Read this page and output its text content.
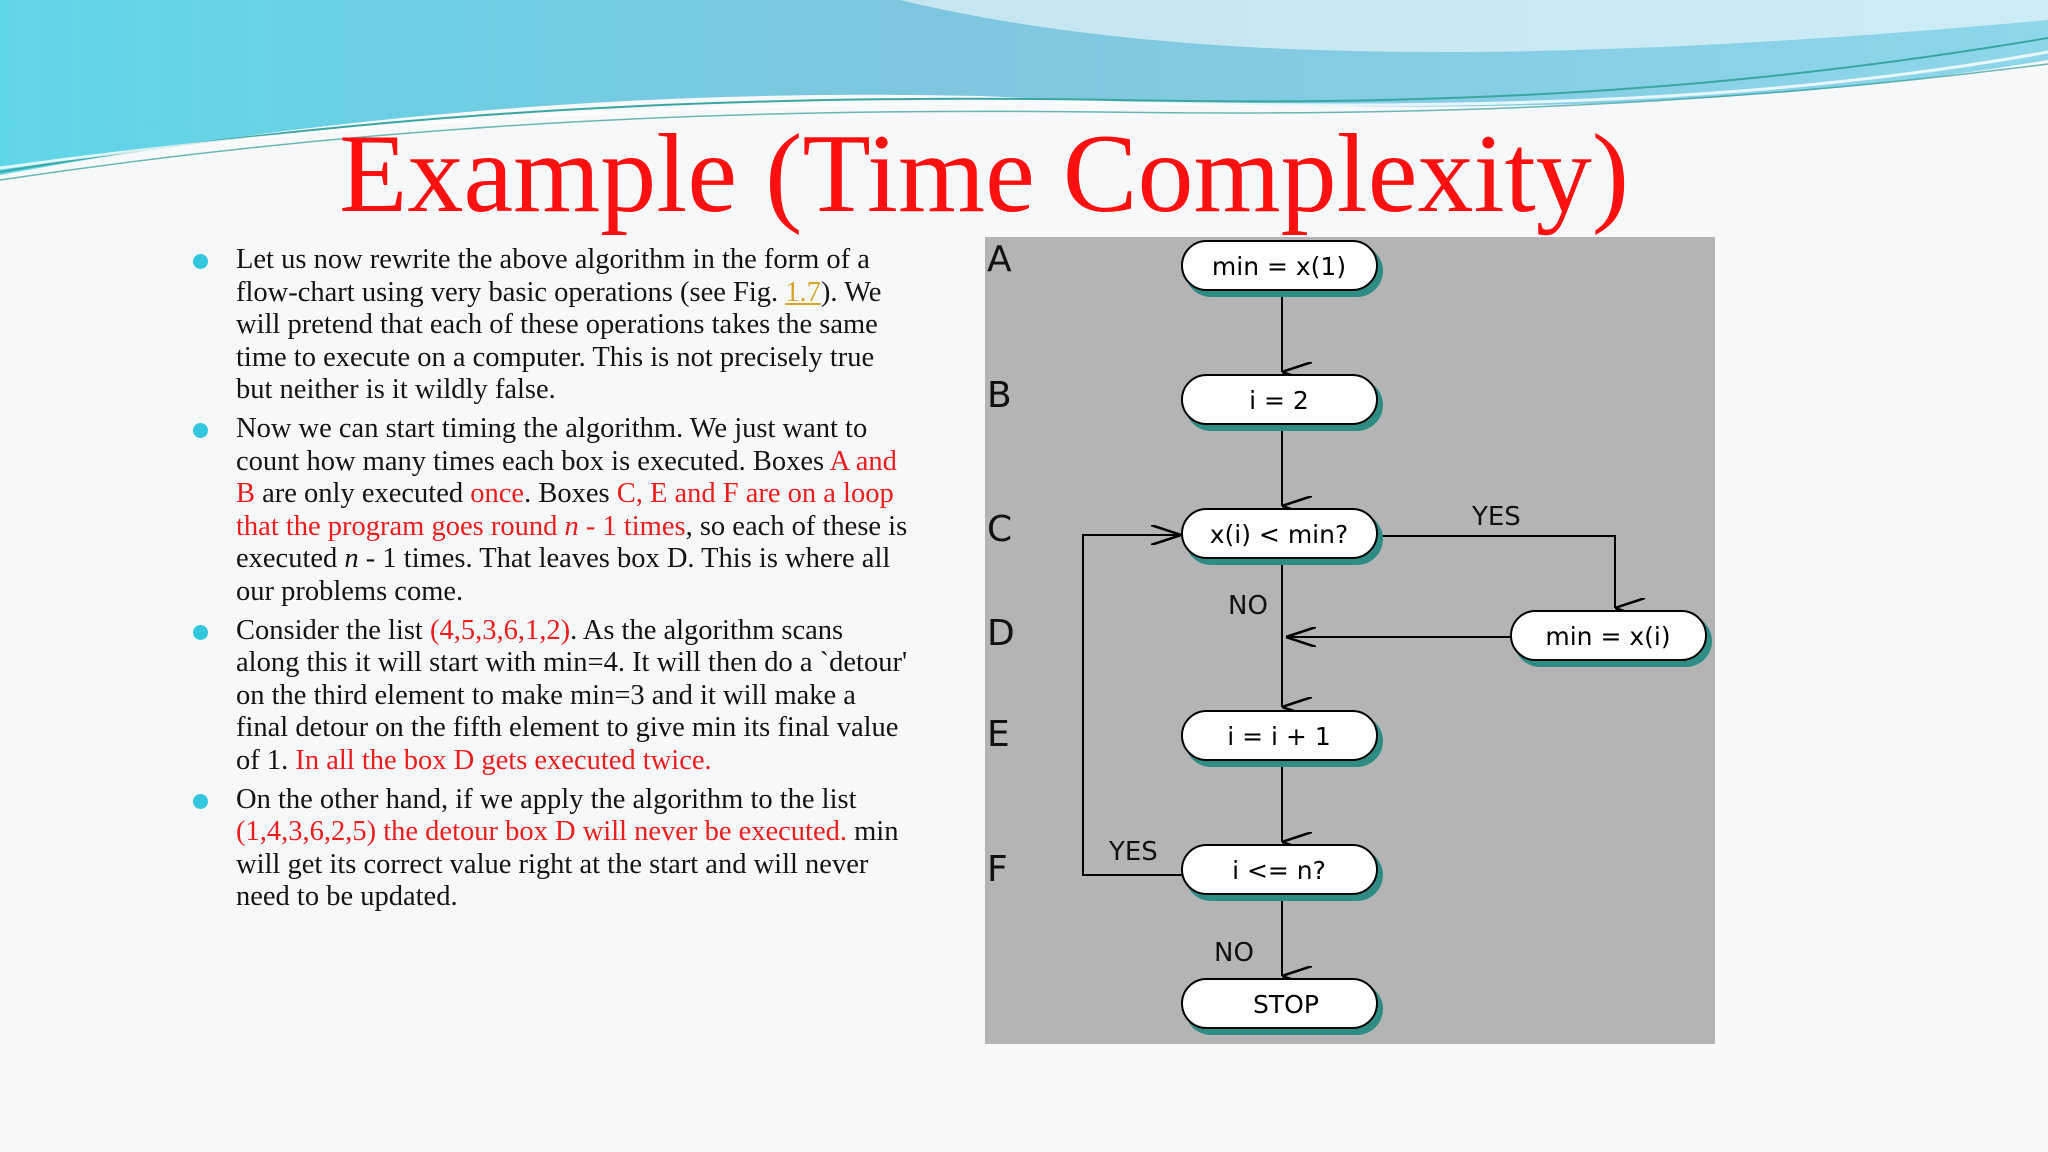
Example (Time Complexity)
Let us now rewrite the above algorithm in the form of a flow-chart using very basic operations (see Fig. 1.7). We will pretend that each of these operations takes the same time to execute on a computer. This is not precisely true but neither is it wildly false.
Now we can start timing the algorithm. We just want to count how many times each box is executed. Boxes A and B are only executed once. Boxes C, E and F are on a loop that the program goes round n - 1 times, so each of these is executed n - 1 times. That leaves box D. This is where all our problems come.
Consider the list (4,5,3,6,1,2). As the algorithm scans along this it will start with min=4. It will then do a `detour' on the third element to make min=3 and it will make a final detour on the fifth element to give min its final value of 1. In all the box D gets executed twice.
On the other hand, if we apply the algorithm to the list (1,4,3,6,2,5) the detour box D will never be executed. min will get its correct value right at the start and will never need to be updated.
A
B
C
D
E
F
YES
NO
YES
NO
min = x(1)
i = 2
x(i) < min?
min = x(i)
i = i + 1
i <= n?
STOP
